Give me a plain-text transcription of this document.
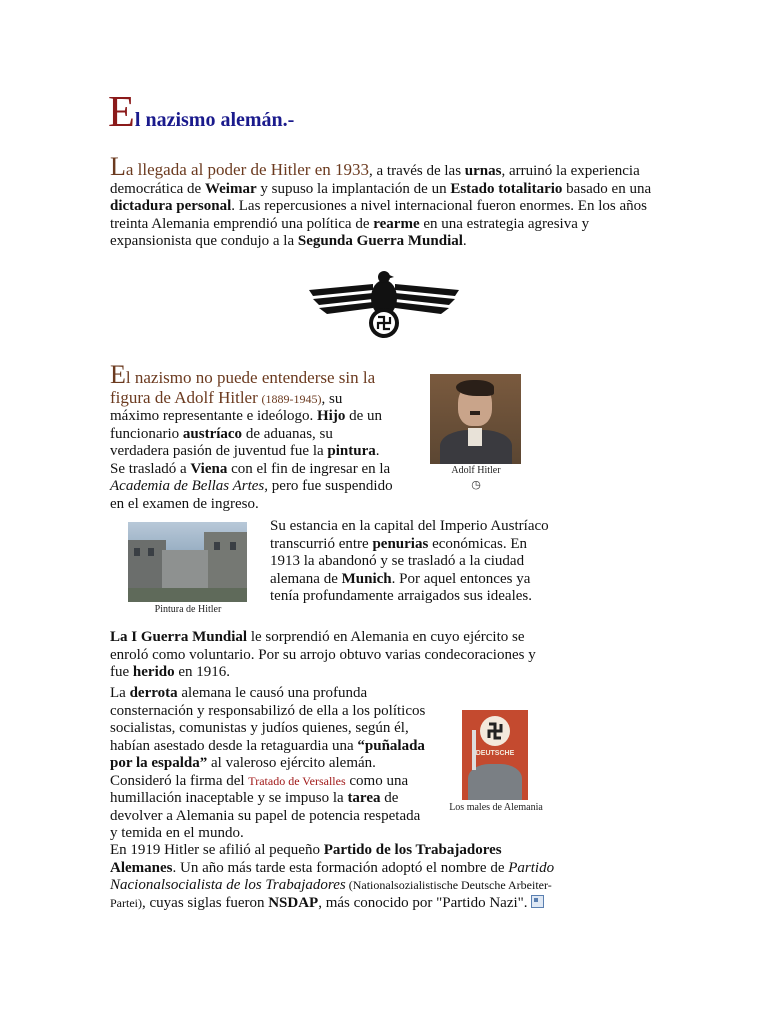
El nazismo alemán.-

La llegada al poder de Hitler en 1933, a través de las urnas, arruinó la experiencia democrática de Weimar y supuso la implantación de un Estado totalitario basado en una dictadura personal. Las repercusiones a nivel internacional fueron enormes. En los años treinta Alemania emprendió una política de rearme en una estrategia agresiva y expansionista que condujo a la Segunda Guerra Mundial.

El nazismo no puede entenderse sin la figura de Adolf Hitler (1889-1945), su máximo representante e ideólogo. Hijo de un funcionario austríaco de aduanas, su verdadera pasión de juventud fue la pintura. Se trasladó a Viena con el fin de ingresar en la Academia de Bellas Artes, pero fue suspendido en el examen de ingreso.

Adolf Hitler
◷
Pintura de Hitler

Su estancia en la capital del Imperio Austríaco transcurrió entre penurias económicas. En 1913 la abandonó y se trasladó a la ciudad alemana de Munich. Por aquel entonces ya tenía profundamente arraigados sus ideales.

La I Guerra Mundial le sorprendió en Alemania en cuyo ejército se enroló como voluntario. Por su arrojo obtuvo varias condecoraciones y fue herido en 1916.

La derrota alemana le causó una profunda consternación y responsabilizó de ella a los políticos socialistas, comunistas y judíos quienes, según él, habían asestado desde la retaguardia una “puñalada por la espalda” al valeroso ejército alemán. Consideró la firma del Tratado de Versalles como una humillación inaceptable y se impuso la tarea de devolver a Alemania su papel de potencia respetada y temida en el mundo.

DEUTSCHE
Los males de Alemania

En 1919 Hitler se afilió al pequeño Partido de los Trabajadores Alemanes. Un año más tarde esta formación adoptó el nombre de Partido Nacionalsocialista de los Trabajadores (Nationalsozialistische Deutsche Arbeiter-Partei), cuyas siglas fueron NSDAP, más conocido por "Partido Nazi".
